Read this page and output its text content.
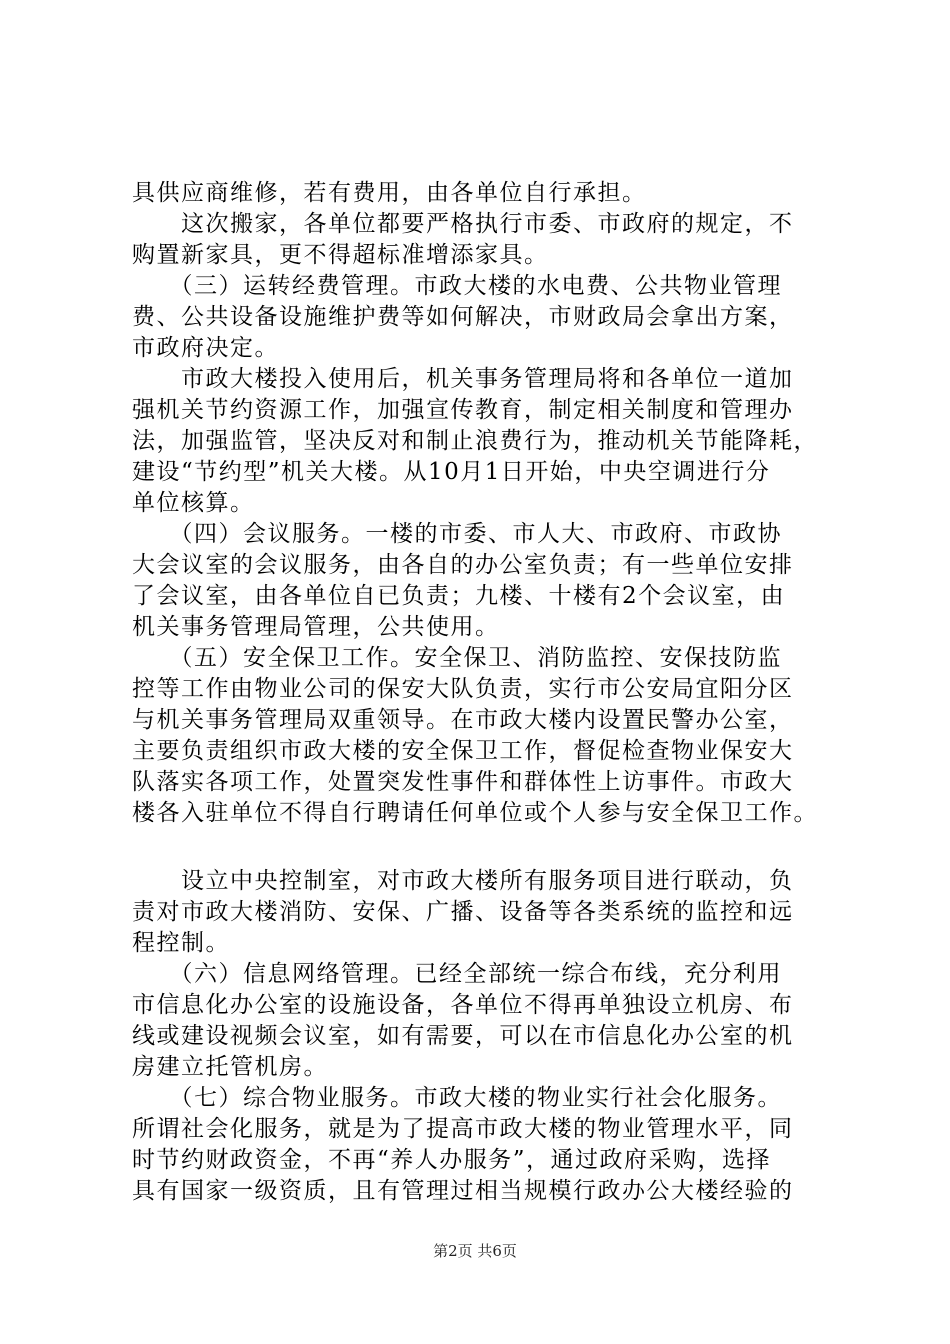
具供应商维修，若有费用，由各单位自行承担。
　　这次搬家，各单位都要严格执行市委、市政府的规定，不
购置新家具，更不得超标准增添家具。
　　（三）运转经费管理。市政大楼的水电费、公共物业管理
费、公共设备设施维护费等如何解决，市财政局会拿出方案，
市政府决定。
　　市政大楼投入使用后，机关事务管理局将和各单位一道加
强机关节约资源工作，加强宣传教育，制定相关制度和管理办
法，加强监管，坚决反对和制止浪费行为，推动机关节能降耗，
建设“节约型”机关大楼。从10月1日开始，中央空调进行分
单位核算。
　　（四）会议服务。一楼的市委、市人大、市政府、市政协
大会议室的会议服务，由各自的办公室负责；有一些单位安排
了会议室，由各单位自已负责；九楼、十楼有2个会议室，由
机关事务管理局管理，公共使用。
　　（五）安全保卫工作。安全保卫、消防监控、安保技防监
控等工作由物业公司的保安大队负责，实行市公安局宜阳分区
与机关事务管理局双重领导。在市政大楼内设置民警办公室，
主要负责组织市政大楼的安全保卫工作，督促检查物业保安大
队落实各项工作，处置突发性事件和群体性上访事件。市政大
楼各入驻单位不得自行聘请任何单位或个人参与安全保卫工作。
　　设立中央控制室，对市政大楼所有服务项目进行联动，负
责对市政大楼消防、安保、广播、设备等各类系统的监控和远
程控制。
　　（六）信息网络管理。已经全部统一综合布线，充分利用
市信息化办公室的设施设备，各单位不得再单独设立机房、布
线或建设视频会议室，如有需要，可以在市信息化办公室的机
房建立托管机房。
　　（七）综合物业服务。市政大楼的物业实行社会化服务。
所谓社会化服务，就是为了提高市政大楼的物业管理水平，同
时节约财政资金，不再“养人办服务”，通过政府采购，选择
具有国家一级资质，且有管理过相当规模行政办公大楼经验的
第2页 共6页
